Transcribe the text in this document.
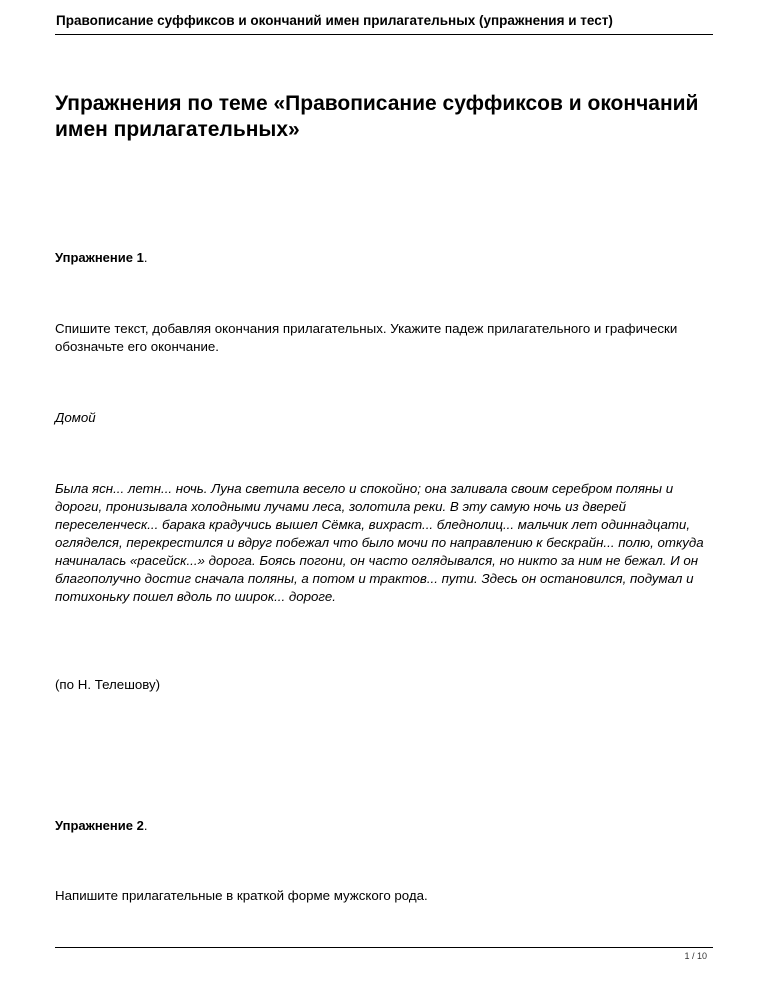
Правописание суффиксов и окончаний имен прилагательных (упражнения и тест)
Упражнения по теме «Правописание суффиксов и окончаний имен прилагательных»
Упражнение 1.

Спишите текст, добавляя окончания прилагательных. Укажите падеж прилагательного и графически обозначьте его окончание.

Домой

Была ясн... летн... ночь. Луна светила весело и спокойно; она заливала своим серебром поляны и дороги, пронизывала холодными лучами леса, золотила реки. В эту самую ночь из дверей переселенческ... барака крадучись вышел Сёмка, вихраст... бледнолиц... мальчик лет одиннадцати, огляделся, перекрестился и вдруг побежал что было мочи по направлению к бескрайн... полю, откуда начиналась «расейск...» дорога. Боясь погони, он часто оглядывался, но никто за ним не бежал. И он благополучно достиг сначала поляны, а потом и трактов... пути. Здесь он остановился, подумал и потихоньку пошел вдоль по широк... дороге.

(по Н. Телешову)

Упражнение 2.

Напишите прилагательные в краткой форме мужского рода.

1 / 10
